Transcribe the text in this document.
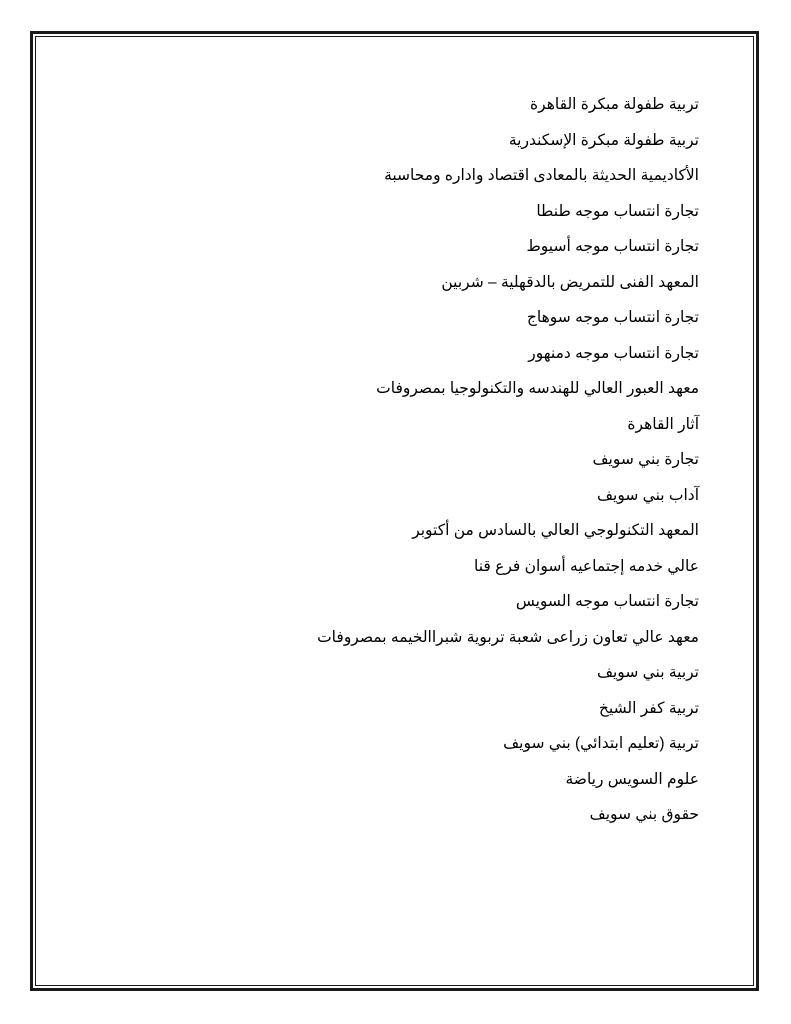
تربية طفولة مبكرة القاهرة
تربية طفولة مبكرة الإسكندرية
الأكاديمية الحديثة بالمعادى اقتصاد واداره ومحاسبة
تجارة انتساب موجه طنطا
تجارة انتساب موجه أسيوط
المعهد الفنى للتمريض بالدقهلية – شربين
تجارة انتساب موجه سوهاج
تجارة انتساب موجه دمنهور
معهد العبور العالي للهندسه والتكنولوجيا بمصروفات
آثار القاهرة
تجارة بني سويف
آداب بني سويف
المعهد التكنولوجي العالي بالسادس من أكتوبر
عالي خدمه إجتماعيه أسوان فرع قنا
تجارة انتساب موجه السويس
معهد عالي تعاون زراعى شعبة تربوية شبراالخيمه بمصروفات
تربية بني سويف
تربية كفر الشيخ
تربية (تعليم ابتدائي) بني سويف
علوم السويس رياضة
حقوق بني سويف
